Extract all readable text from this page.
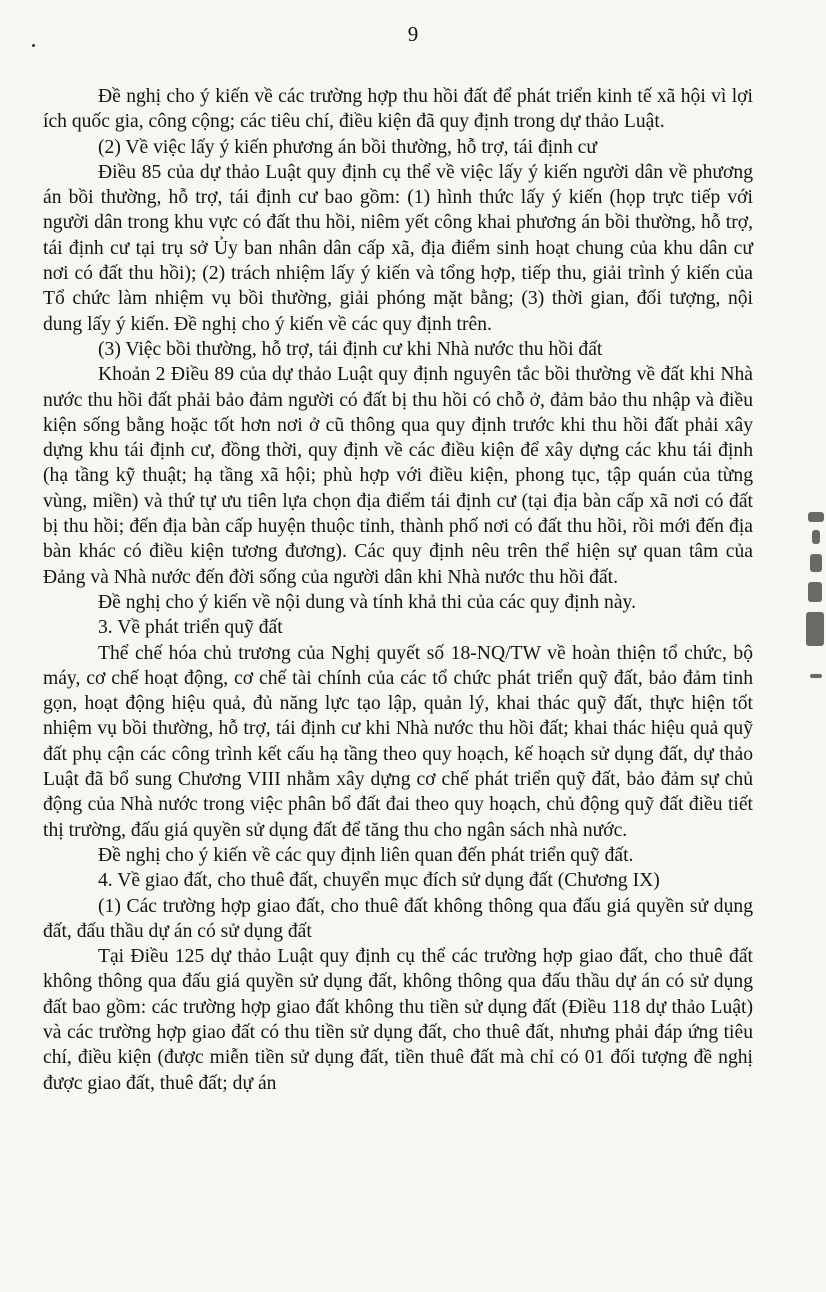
9

Đề nghị cho ý kiến về các trường hợp thu hồi đất để phát triển kinh tế xã hội vì lợi ích quốc gia, công cộng; các tiêu chí, điều kiện đã quy định trong dự thảo Luật.

(2) Về việc lấy ý kiến phương án bồi thường, hỗ trợ, tái định cư

Điều 85 của dự thảo Luật quy định cụ thể về việc lấy ý kiến người dân về phương án bồi thường, hỗ trợ, tái định cư bao gồm: (1) hình thức lấy ý kiến (họp trực tiếp với người dân trong khu vực có đất thu hồi, niêm yết công khai phương án bồi thường, hỗ trợ, tái định cư tại trụ sở Ủy ban nhân dân cấp xã, địa điểm sinh hoạt chung của khu dân cư nơi có đất thu hồi); (2) trách nhiệm lấy ý kiến và tổng hợp, tiếp thu, giải trình ý kiến của Tổ chức làm nhiệm vụ bồi thường, giải phóng mặt bằng; (3) thời gian, đối tượng, nội dung lấy ý kiến. Đề nghị cho ý kiến về các quy định trên.

(3) Việc bồi thường, hỗ trợ, tái định cư khi Nhà nước thu hồi đất

Khoản 2 Điều 89 của dự thảo Luật quy định nguyên tắc bồi thường về đất khi Nhà nước thu hồi đất phải bảo đảm người có đất bị thu hồi có chỗ ở, đảm bảo thu nhập và điều kiện sống bằng hoặc tốt hơn nơi ở cũ thông qua quy định trước khi thu hồi đất phải xây dựng khu tái định cư, đồng thời, quy định về các điều kiện để xây dựng các khu tái định (hạ tầng kỹ thuật; hạ tầng xã hội; phù hợp với điều kiện, phong tục, tập quán của từng vùng, miền) và thứ tự ưu tiên lựa chọn địa điểm tái định cư (tại địa bàn cấp xã nơi có đất bị thu hồi; đến địa bàn cấp huyện thuộc tỉnh, thành phố nơi có đất thu hồi, rồi mới đến địa bàn khác có điều kiện tương đương). Các quy định nêu trên thể hiện sự quan tâm của Đảng và Nhà nước đến đời sống của người dân khi Nhà nước thu hồi đất.

Đề nghị cho ý kiến về nội dung và tính khả thi của các quy định này.

3. Về phát triển quỹ đất

Thể chế hóa chủ trương của Nghị quyết số 18-NQ/TW về hoàn thiện tổ chức, bộ máy, cơ chế hoạt động, cơ chế tài chính của các tổ chức phát triển quỹ đất, bảo đảm tinh gọn, hoạt động hiệu quả, đủ năng lực tạo lập, quản lý, khai thác quỹ đất, thực hiện tốt nhiệm vụ bồi thường, hỗ trợ, tái định cư khi Nhà nước thu hồi đất; khai thác hiệu quả quỹ đất phụ cận các công trình kết cấu hạ tầng theo quy hoạch, kế hoạch sử dụng đất, dự thảo Luật đã bổ sung Chương VIII nhằm xây dựng cơ chế phát triển quỹ đất, bảo đảm sự chủ động của Nhà nước trong việc phân bổ đất đai theo quy hoạch, chủ động quỹ đất điều tiết thị trường, đấu giá quyền sử dụng đất để tăng thu cho ngân sách nhà nước.

Đề nghị cho ý kiến về các quy định liên quan đến phát triển quỹ đất.

4. Về giao đất, cho thuê đất, chuyển mục đích sử dụng đất (Chương IX)

(1) Các trường hợp giao đất, cho thuê đất không thông qua đấu giá quyền sử dụng đất, đấu thầu dự án có sử dụng đất

Tại Điều 125 dự thảo Luật quy định cụ thể các trường hợp giao đất, cho thuê đất không thông qua đấu giá quyền sử dụng đất, không thông qua đấu thầu dự án có sử dụng đất bao gồm: các trường hợp giao đất không thu tiền sử dụng đất (Điều 118 dự thảo Luật) và các trường hợp giao đất có thu tiền sử dụng đất, cho thuê đất, nhưng phải đáp ứng tiêu chí, điều kiện (được miễn tiền sử dụng đất, tiền thuê đất mà chỉ có 01 đối tượng đề nghị được giao đất, thuê đất; dự án
